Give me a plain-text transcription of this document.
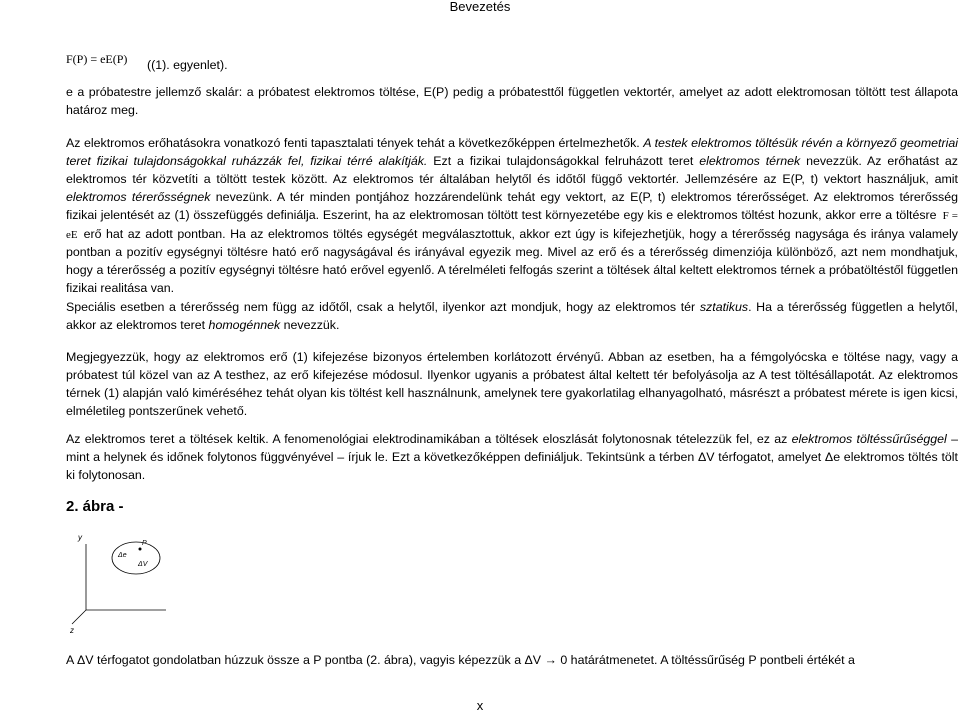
Bevezetés
F(P) = eE(P) ((1). egyenlet).

e a próbatestre jellemző skalár: a próbatest elektromos töltése, E(P) pedig a próbatesttől független vektortér, amelyet az adott elektromosan töltött test állapota határoz meg.

Az elektromos erőhatásokra vonatkozó fenti tapasztalati tények tehát a következőképpen értelmezhetők. A testek elektromos töltésük révén a környező geometriai teret fizikai tulajdonságokkal ruházzák fel, fizikai térré alakítják. Ezt a fizikai tulajdonságokkal felruházott teret elektromos térnek nevezzük. Az erőhatást az elektromos tér közvetíti a töltött testek között. Az elektromos tér általában helytől és időtől függő vektortér. Jellemzésére az E(P, t) vektort használjuk, amit elektromos térerősségnek nevezünk. A tér minden pontjához hozzárendelünk tehát egy vektort, az E(P, t) elektromos térerősséget. Az elektromos térerősség fizikai jelentését az (1) összefüggés definiálja. Eszerint, ha az elektromosan töltött test környezetébe egy kis e elektromos töltést hozunk, akkor erre a töltésre F = eE erő hat az adott pontban. Ha az elektromos töltés egységét megválasztottuk, akkor ezt úgy is kifejezhetjük, hogy a térerősség nagysága és iránya valamely pontban a pozitív egységnyi töltésre ható erő nagyságával és irányával egyezik meg. Mivel az erő és a térerősség dimenziója különböző, azt nem mondhatjuk, hogy a térerősség a pozitív egységnyi töltésre ható erővel egyenlő. A térelméleti felfogás szerint a töltések által keltett elektromos térnek a próbatöltéstől független fizikai realitása van.

Speciális esetben a térerősség nem függ az időtől, csak a helytől, ilyenkor azt mondjuk, hogy az elektromos tér sztatikus. Ha a térerősség független a helytől, akkor az elektromos teret homogénnek nevezzük.

Megjegyezzük, hogy az elektromos erő (1) kifejezése bizonyos értelemben korlátozott érvényű. Abban az esetben, ha a fémgolyócska e töltése nagy, vagy a próbatest túl közel van az A testhez, az erő kifejezése módosul. Ilyenkor ugyanis a próbatest által keltett tér befolyásolja az A test töltésállapotát. Az elektromos térnek (1) alapján való kiméréséhez tehát olyan kis töltést kell használnunk, amelynek tere gyakorlatilag elhanyagolható, másrészt a próbatest mérete is igen kicsi, elméletileg pontszerűnek vehető.

Az elektromos teret a töltések keltik. A fenomenológiai elektrodinamikában a töltések eloszlását folytonosnak tételezzük fel, ez az elektromos töltéssűrűséggel – mint a helynek és időnek folytonos függvényével – írjuk le. Ezt a következőképpen definiáljuk. Tekintsünk a térben ΔV térfogatot, amelyet Δe elektromos töltés tölt ki folytonosan.

2. ábra -
y
z
Δe
ΔV
P

A ΔV térfogatot gondolatban húzzuk össze a P pontba (2. ábra), vagyis képezzük a ΔV → 0 határátmenetet. A töltéssűrűség P pontbeli értékét a

x
